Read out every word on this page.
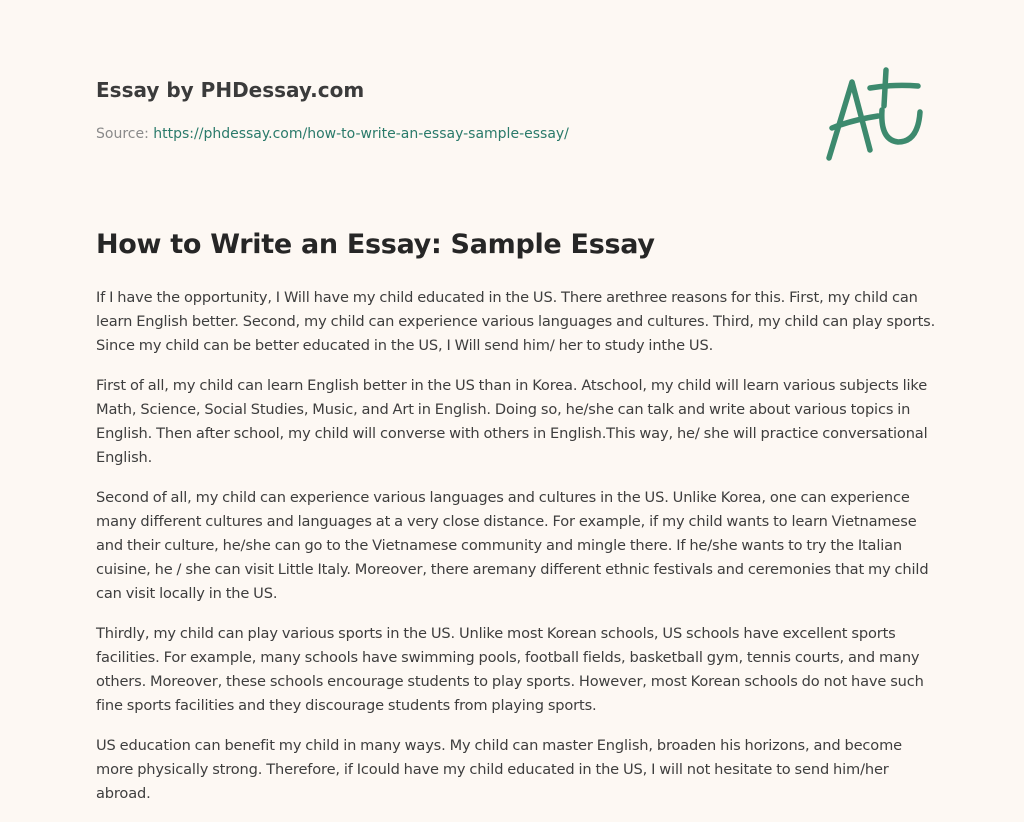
Essay by PHDessay.com
Source: https://phdessay.com/how-to-write-an-essay-sample-essay/
How to Write an Essay: Sample Essay

If I have the opportunity, I Will have my child educated in the US. There arethree reasons for this. First, my child can learn English better. Second, my child can experience various languages and cultures. Third, my child can play sports. Since my child can be better educated in the US, I Will send him/ her to study inthe US.

First of all, my child can learn English better in the US than in Korea. Atschool, my child will learn various subjects like Math, Science, Social Studies, Music, and Art in English. Doing so, he/she can talk and write about various topics in English. Then after school, my child will converse with others in English.This way, he/ she will practice conversational English.

Second of all, my child can experience various languages and cultures in the US. Unlike Korea, one can experience many different cultures and languages at a very close distance. For example, if my child wants to learn Vietnamese and their culture, he/she can go to the Vietnamese community and mingle there. If he/she wants to try the Italian cuisine, he / she can visit Little Italy. Moreover, there aremany different ethnic festivals and ceremonies that my child can visit locally in the US.

Thirdly, my child can play various sports in the US. Unlike most Korean schools, US schools have excellent sports facilities. For example, many schools have swimming pools, football fields, basketball gym, tennis courts, and many others. Moreover, these schools encourage students to play sports. However, most Korean schools do not have such fine sports facilities and they discourage students from playing sports.

US education can benefit my child in many ways. My child can master English, broaden his horizons, and become more physically strong. Therefore, if Icould have my child educated in the US, I will not hesitate to send him/her abroad.
